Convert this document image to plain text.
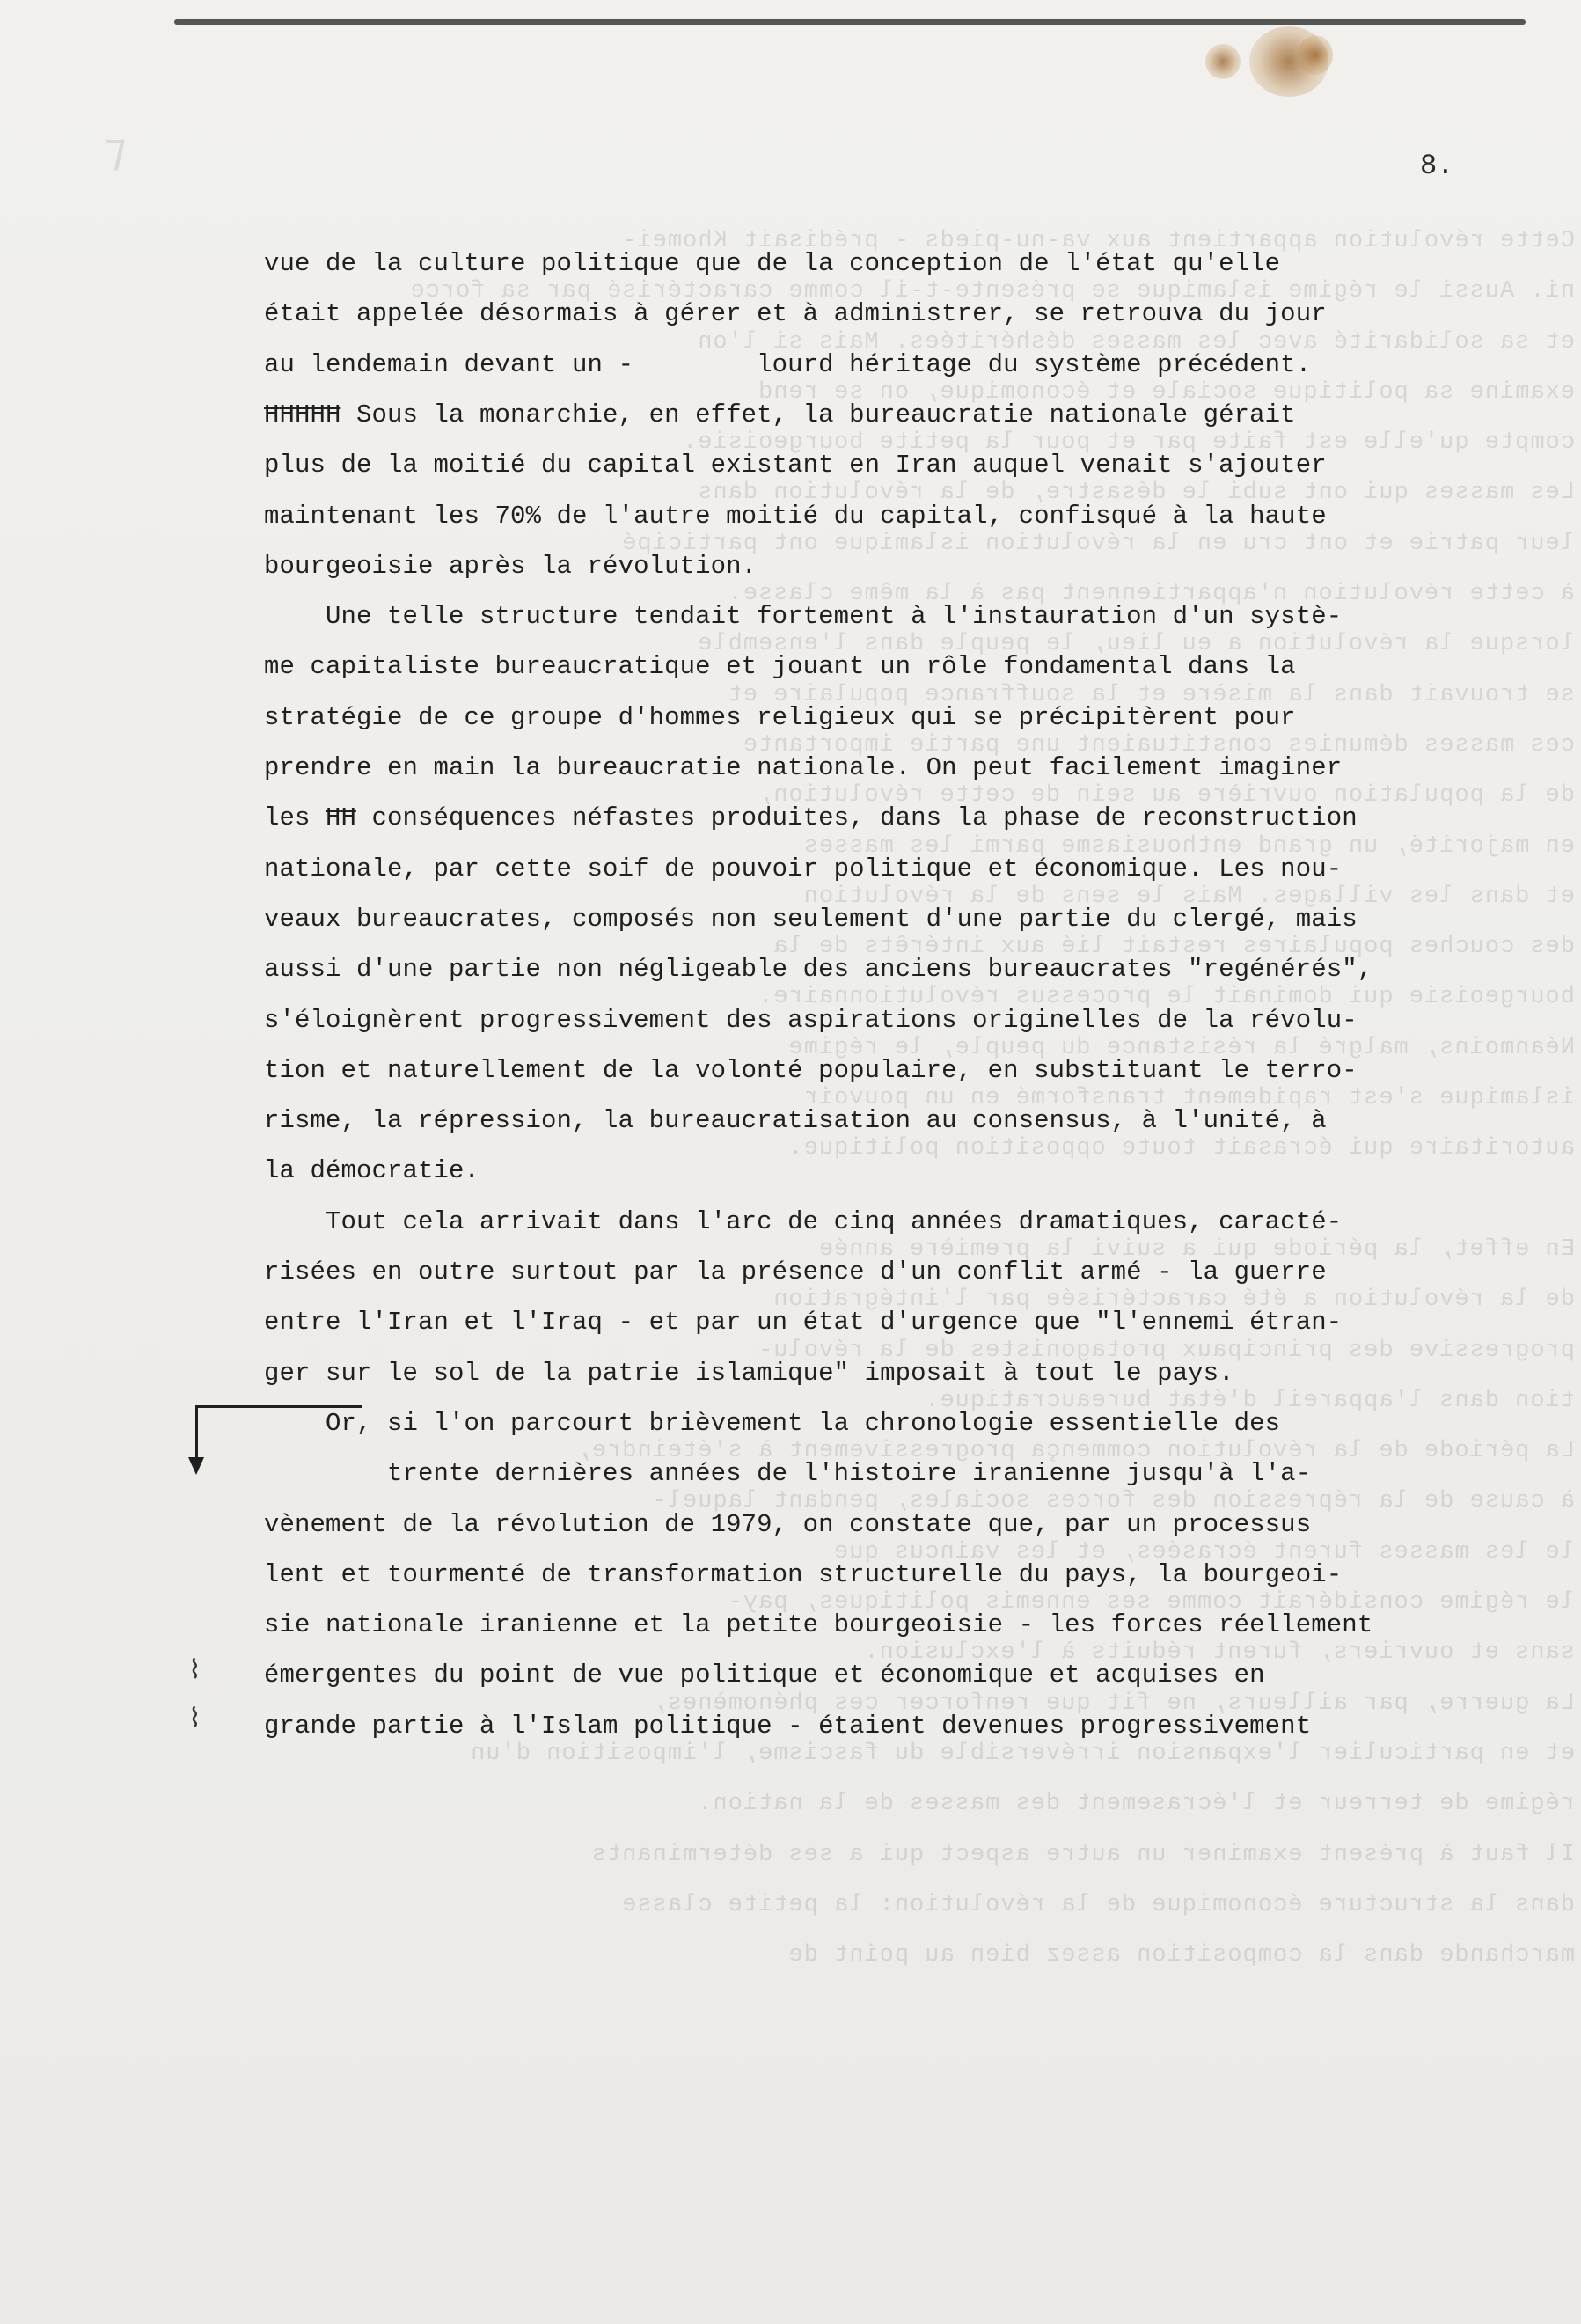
⁊
Cette révolution appartient aux va-nu-pieds - prédisait Khomei-
ni. Aussi le régime islamique se présente-t-il comme caractérisé par sa force
et sa solidarité avec les masses déshéritées. Mais si l'on
examine sa politique sociale et économique, on se rend
compte qu'elle est faite par et pour la petite bourgeoisie.
Les masses qui ont subi le désastre, de la révolution dans
leur patrie et ont cru en la révolution islamique ont participé
à cette révolution n'appartiennent pas à la même classe.
lorsque la révolution a eu lieu, le peuple dans l'ensemble
se trouvait dans la misère et la souffrance populaire et
ces masses démunies constituaient une partie importante
de la population ouvrière au sein de cette révolution,
en majorité, un grand enthousiasme parmi les masses
et dans les villages. Mais le sens de la révolution
des couches populaires restait lié aux intérêts de la
bourgeoisie qui dominait le processus révolutionnaire.
Néanmoins, malgré la résistance du peuple, le régime
islamique s'est rapidement transformé en un pouvoir
autoritaire qui écrasait toute opposition politique.

En effet, la période qui a suivi la première année
de la révolution a été caractérisée par l'intégration
progressive des principaux protagonistes de la révolu-
tion dans l'appareil d'état bureaucratique.
La période de la révolution commença progressivement à s'éteindre,
à cause de la répression des forces sociales, pendant laquel-
le les masses furent écrasées, et les vaincus que
le régime considérait comme ses ennemis politiques, pay-
sans et ouvriers, furent réduits à l'exclusion.
La guerre, par ailleurs, ne fit que renforcer ces phénomènes,
et en particulier l'expansion irréversible du fascisme, l'imposition d'un
régime de terreur et l'écrasement des masses de la nation.
Il faut à présent examiner un autre aspect qui a ses déterminants
dans la structure économique de la révolution: la petite classe
marchande dans la composition assez bien au point de
8.
vue de la culture politique que de la conception de l'état qu'elle
était appelée désormais à gérer et à administrer, se retrouva du jour
au lendemain devant un -        lourd héritage du système précédent.
ĦĦĦĦĦ Sous la monarchie, en effet, la bureaucratie nationale gérait
plus de la moitié du capital existant en Iran auquel venait s'ajouter
maintenant les 70% de l'autre moitié du capital, confisqué à la haute
bourgeoisie après la révolution.
Une telle structure tendait fortement à l'instauration d'un systè-
me capitaliste bureaucratique et jouant un rôle fondamental dans la
stratégie de ce groupe d'hommes religieux qui se précipitèrent pour
prendre en main la bureaucratie nationale. On peut facilement imaginer
les ĦĦ conséquences néfastes produites, dans la phase de reconstruction
nationale, par cette soif de pouvoir politique et économique. Les nou-
veaux bureaucrates, composés non seulement d'une partie du clergé, mais
aussi d'une partie non négligeable des anciens bureaucrates "regénérés",
s'éloignèrent progressivement des aspirations originelles de la révolu-
tion et naturellement de la volonté populaire, en substituant le terro-
risme, la répression, la bureaucratisation au consensus, à l'unité, à
la démocratie.
Tout cela arrivait dans l'arc de cinq années dramatiques, caracté-
risées en outre surtout par la présence d'un conflit armé - la guerre
entre l'Iran et l'Iraq - et par un état d'urgence que "l'ennemi étran-
ger sur le sol de la patrie islamique" imposait à tout le pays.
Or, si l'on parcourt brièvement la chronologie essentielle des
trente dernières années de l'histoire iranienne jusqu'à l'a-
vènement de la révolution de 1979, on constate que, par un processus
lent et tourmenté de transformation structurelle du pays, la bourgeoi-
sie nationale iranienne et la petite bourgeoisie - les forces réellement
émergentes du point de vue politique et économique et acquises en
grande partie à l'Islam politique - étaient devenues progressivement
⌇
⌇
